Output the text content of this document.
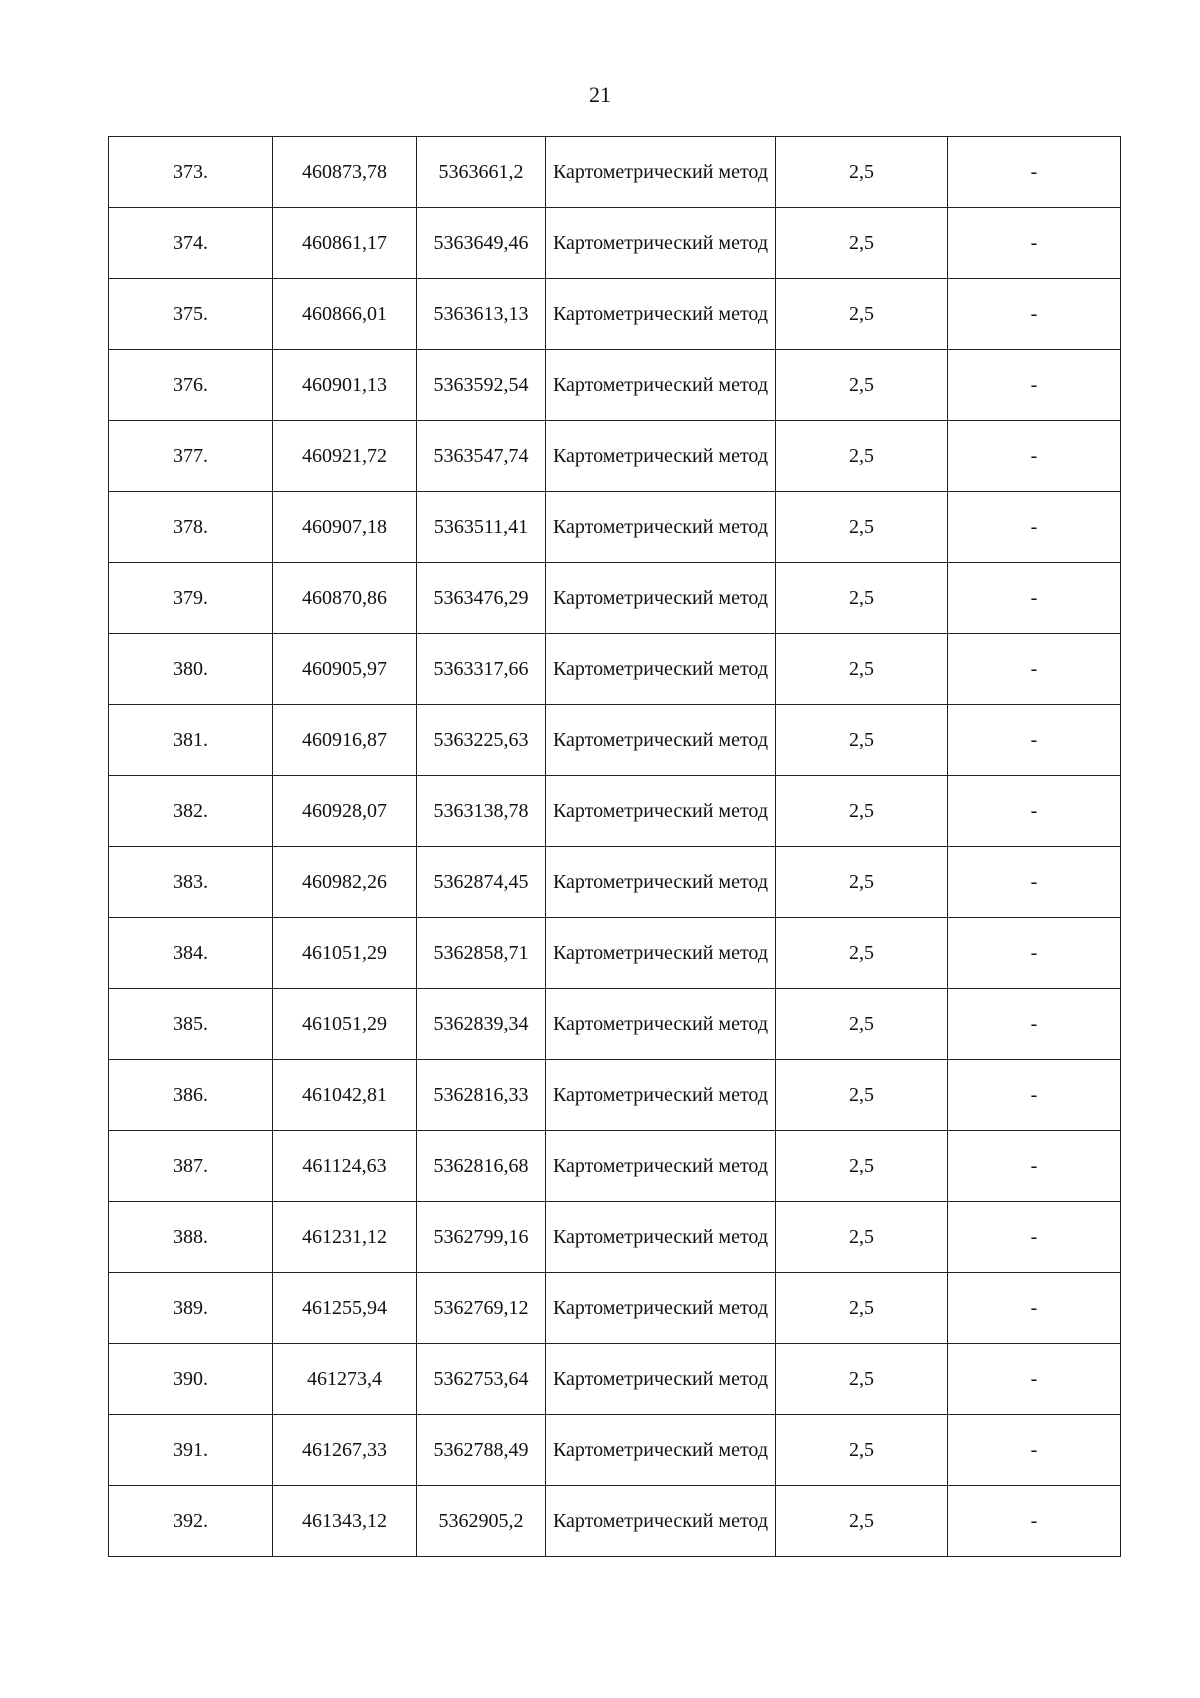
21
373.	460873,78	5363661,2	Картометрический метод	2,5	-
374.	460861,17	5363649,46	Картометрический метод	2,5	-
375.	460866,01	5363613,13	Картометрический метод	2,5	-
376.	460901,13	5363592,54	Картометрический метод	2,5	-
377.	460921,72	5363547,74	Картометрический метод	2,5	-
378.	460907,18	5363511,41	Картометрический метод	2,5	-
379.	460870,86	5363476,29	Картометрический метод	2,5	-
380.	460905,97	5363317,66	Картометрический метод	2,5	-
381.	460916,87	5363225,63	Картометрический метод	2,5	-
382.	460928,07	5363138,78	Картометрический метод	2,5	-
383.	460982,26	5362874,45	Картометрический метод	2,5	-
384.	461051,29	5362858,71	Картометрический метод	2,5	-
385.	461051,29	5362839,34	Картометрический метод	2,5	-
386.	461042,81	5362816,33	Картометрический метод	2,5	-
387.	461124,63	5362816,68	Картометрический метод	2,5	-
388.	461231,12	5362799,16	Картометрический метод	2,5	-
389.	461255,94	5362769,12	Картометрический метод	2,5	-
390.	461273,4	5362753,64	Картометрический метод	2,5	-
391.	461267,33	5362788,49	Картометрический метод	2,5	-
392.	461343,12	5362905,2	Картометрический метод	2,5	-
